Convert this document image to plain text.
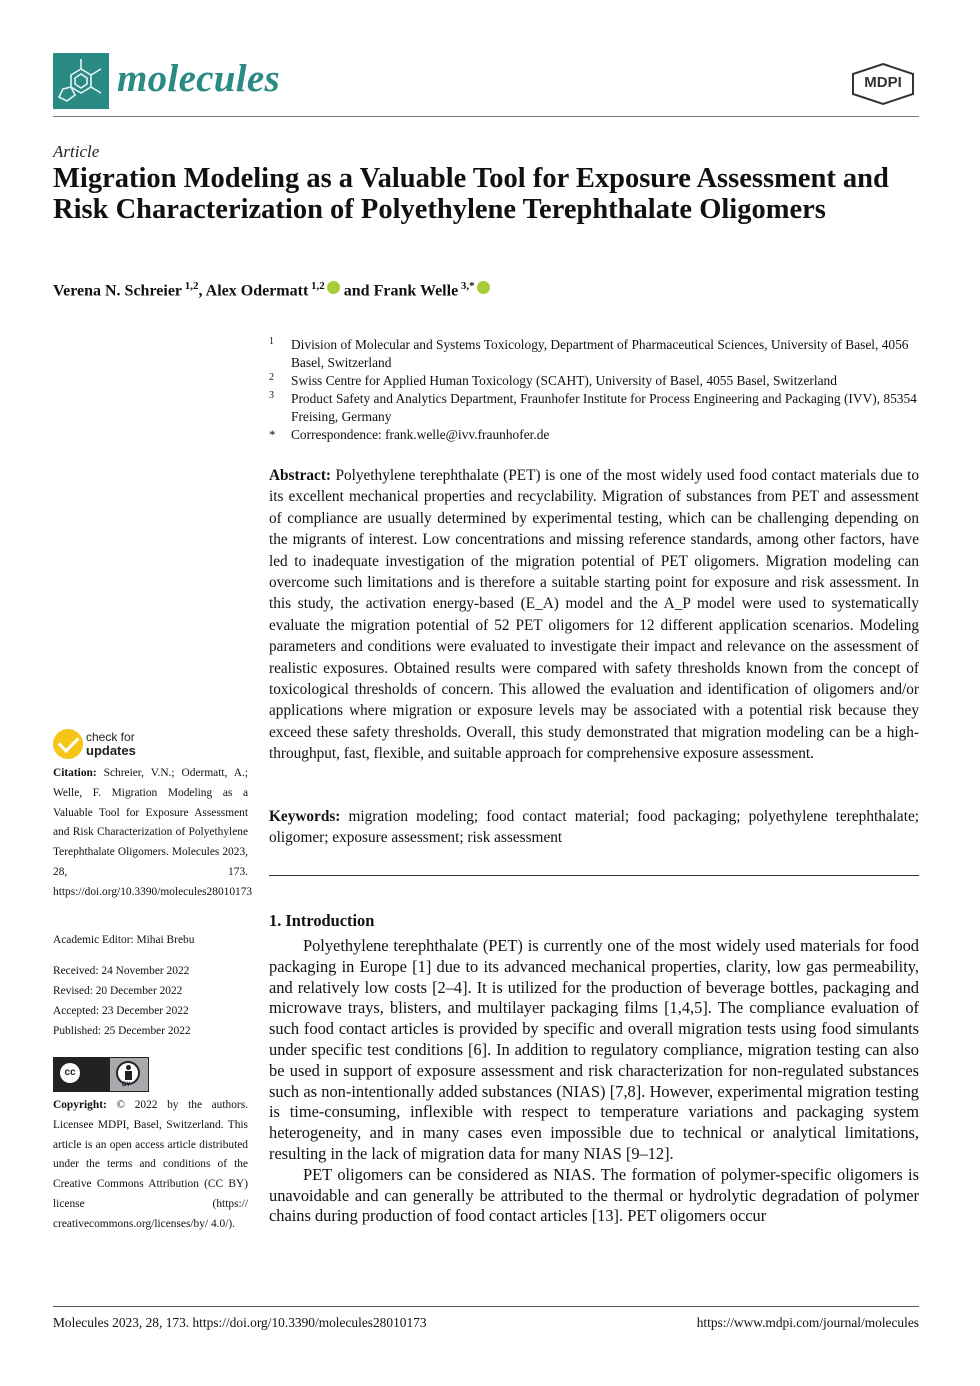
molecules	MDPI
Article
Migration Modeling as a Valuable Tool for Exposure Assessment and Risk Characterization of Polyethylene Terephthalate Oligomers
Verena N. Schreier $^{1,2}$, Alex Odermatt $^{1,2}$ and Frank Welle $^{3,*}$
1 Division of Molecular and Systems Toxicology, Department of Pharmaceutical Sciences, University of Basel, 4056 Basel, Switzerland
2 Swiss Centre for Applied Human Toxicology (SCAHT), University of Basel, 4055 Basel, Switzerland
3 Product Safety and Analytics Department, Fraunhofer Institute for Process Engineering and Packaging (IVV), 85354 Freising, Germany
* Correspondence: frank.welle@ivv.fraunhofer.de
Abstract: Polyethylene terephthalate (PET) is one of the most widely used food contact materials due to its excellent mechanical properties and recyclability. Migration of substances from PET and assessment of compliance are usually determined by experimental testing, which can be challenging depending on the migrants of interest. Low concentrations and missing reference standards, among other factors, have led to inadequate investigation of the migration potential of PET oligomers. Migration modeling can overcome such limitations and is therefore a suitable starting point for exposure and risk assessment. In this study, the activation energy-based (E_A) model and the A_P model were used to systematically evaluate the migration potential of 52 PET oligomers for 12 different application scenarios. Modeling parameters and conditions were evaluated to investigate their impact and relevance on the assessment of realistic exposures. Obtained results were compared with safety thresholds known from the concept of toxicological thresholds of concern. This allowed the evaluation and identification of oligomers and/or applications where migration or exposure levels may be associated with a potential risk because they exceed these safety thresholds. Overall, this study demonstrated that migration modeling can be a high-throughput, fast, flexible, and suitable approach for comprehensive exposure assessment.
Keywords: migration modeling; food contact material; food packaging; polyethylene terephthalate; oligomer; exposure assessment; risk assessment
1. Introduction

Polyethylene terephthalate (PET) is currently one of the most widely used materials for food packaging in Europe [1] due to its advanced mechanical properties, clarity, low gas permeability, and relatively low costs [2–4]. It is utilized for the production of beverage bottles, packaging and microwave trays, blisters, and multilayer packaging films [1,4,5]. The compliance evaluation of such food contact articles is provided by specific and overall migration tests using food simulants under specific test conditions [6]. In addition to regulatory compliance, migration testing can also be used in support of exposure assessment and risk characterization for non-regulated substances such as non-intentionally added substances (NIAS) [7,8]. However, experimental migration testing is time-consuming, inflexible with respect to temperature variations and packaging system heterogeneity, and in many cases even impossible due to technical or analytical limitations, resulting in the lack of migration data for many NIAS [9–12].

PET oligomers can be considered as NIAS. The formation of polymer-specific oligomers is unavoidable and can generally be attributed to the thermal or hydrolytic degradation of polymer chains during production of food contact articles [13]. PET oligomers occur

check for
updates
Citation: Schreier, V.N.; Odermatt, A.; Welle, F. Migration Modeling as a Valuable Tool for Exposure Assessment and Risk Characterization of Polyethylene Terephthalate Oligomers. Molecules 2023, 28, 173. https://doi.org/10.3390/molecules28010173
Academic Editor: Mihai Brebu
Received: 24 November 2022
Revised: 20 December 2022
Accepted: 23 December 2022
Published: 25 December 2022
cc
BY
Copyright: © 2022 by the authors. Licensee MDPI, Basel, Switzerland. This article is an open access article distributed under the terms and conditions of the Creative Commons Attribution (CC BY) license (https:// creativecommons.org/licenses/by/ 4.0/).
Molecules 2023, 28, 173. https://doi.org/10.3390/molecules28010173	https://www.mdpi.com/journal/molecules
